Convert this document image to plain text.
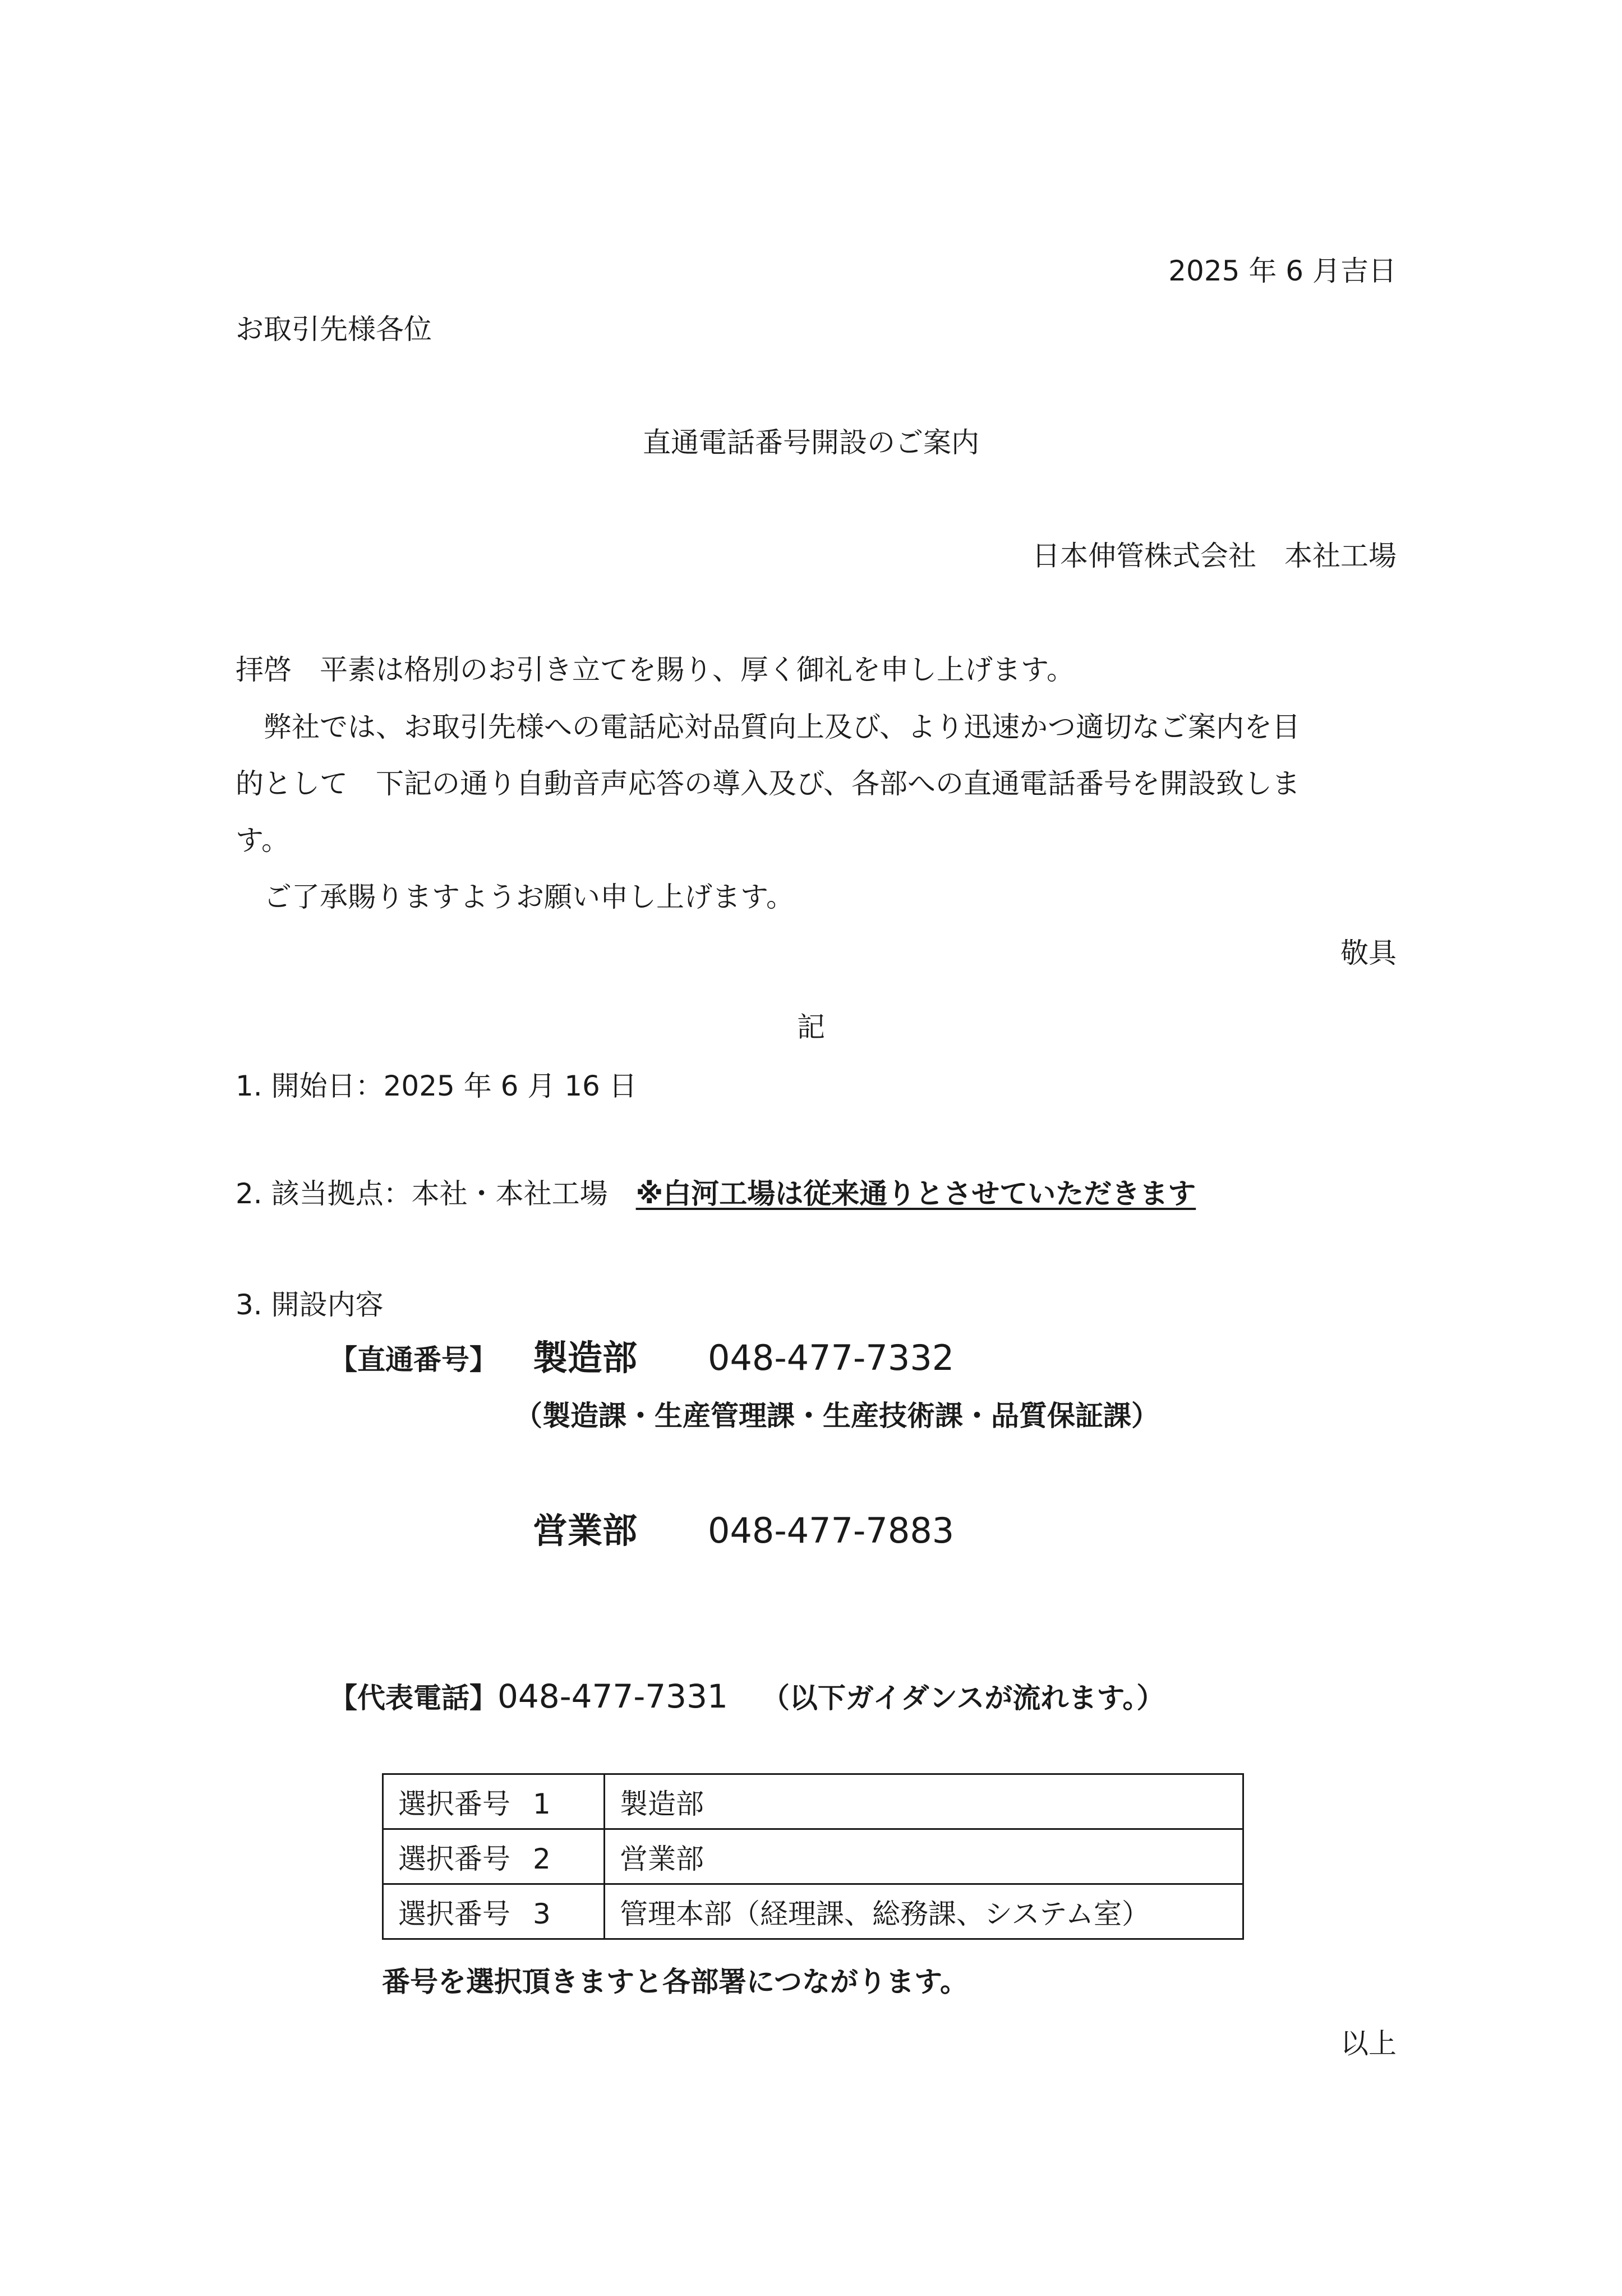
2025 年 6 月吉日
お取引先様各位
直通電話番号開設のご案内
日本伸管株式会社　本社工場
拝啓　平素は格別のお引き立てを賜り、厚く御礼を申し上げます。
　弊社では、お取引先様への電話応対品質向上及び、より迅速かつ適切なご案内を目
的として　下記の通り自動音声応答の導入及び、各部への直通電話番号を開設致しま
す。
　ご了承賜りますようお願い申し上げます。
敬具
記
1. 開始日：2025 年 6 月 16 日
2. 該当拠点：本社・本社工場　※白河工場は従来通りとさせていただきます
3. 開設内容
【直通番号】 製造部 048-477-7332
（製造課・生産管理課・生産技術課・品質保証課）
営業部 048-477-7883
【代表電話】048-477-7331 （以下ガイダンスが流れます。）
選択番号 1	製造部
選択番号 2	営業部
選択番号 3	管理本部（経理課、総務課、システム室）
番号を選択頂きますと各部署につながります。
以上
